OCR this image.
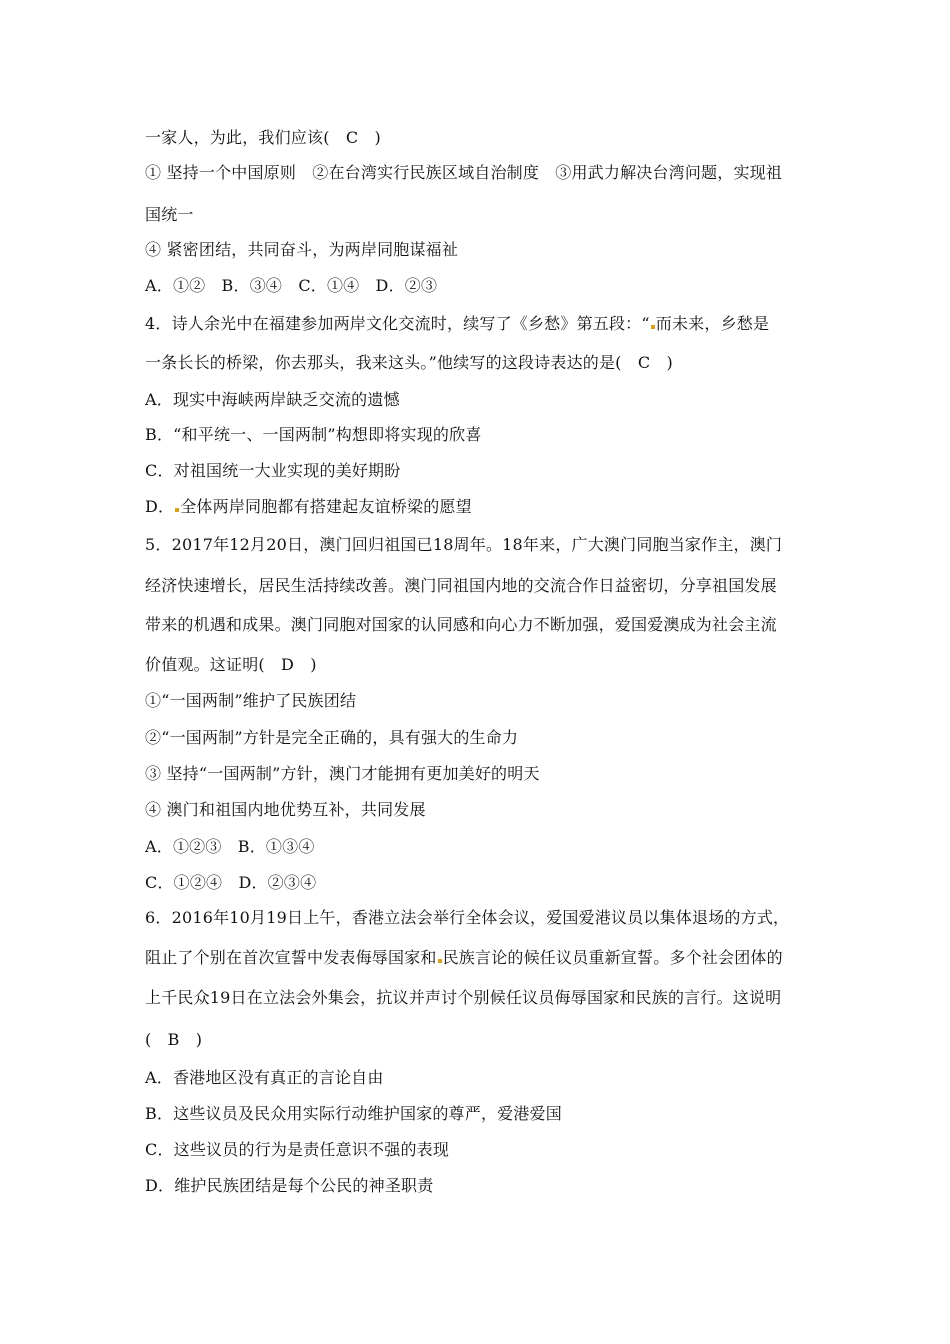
一家人，为此，我们应该(　C　)
① 坚持一个中国原则　②在台湾实行民族区域自治制度　③用武力解决台湾问题，实现祖
国统一
④ 紧密团结，共同奋斗，为两岸同胞谋福祉
A．①②　B．③④　C．①④　D．②③
4．诗人余光中在福建参加两岸文化交流时，续写了《乡愁》第五段：“ 而未来，乡愁是
一条长长的桥梁，你去那头，我来这头。”他续写的这段诗表达的是(　C　)
A．现实中海峡两岸缺乏交流的遗憾
B．“和平统一、一国两制”构想即将实现的欣喜
C．对祖国统一大业实现的美好期盼
D． 全体两岸同胞都有搭建起友谊桥梁的愿望
5．2017年12月20日，澳门回归祖国已18周年。18年来，广大澳门同胞当家作主，澳门
经济快速增长，居民生活持续改善。澳门同祖国内地的交流合作日益密切，分享祖国发展
带来的机遇和成果。澳门同胞对国家的认同感和向心力不断加强，爱国爱澳成为社会主流
价值观。这证明(　D　)
①“一国两制”维护了民族团结
②“一国两制”方针是完全正确的，具有强大的生命力
③ 坚持“一国两制”方针，澳门才能拥有更加美好的明天
④ 澳门和祖国内地优势互补，共同发展
A．①②③　B．①③④
C．①②④　D．②③④
6．2016年10月19日上午，香港立法会举行全体会议，爱国爱港议员以集体退场的方式，
阻止了个别在首次宣誓中发表侮辱国家和 民族言论的候任议员重新宣誓。多个社会团体的
上千民众19日在立法会外集会，抗议并声讨个别候任议员侮辱国家和民族的言行。这说明
(　B　)
A．香港地区没有真正的言论自由
B．这些议员及民众用实际行动维护国家的尊严，爱港爱国
C．这些议员的行为是责任意识不强的表现
D．维护民族团结是每个公民的神圣职责
